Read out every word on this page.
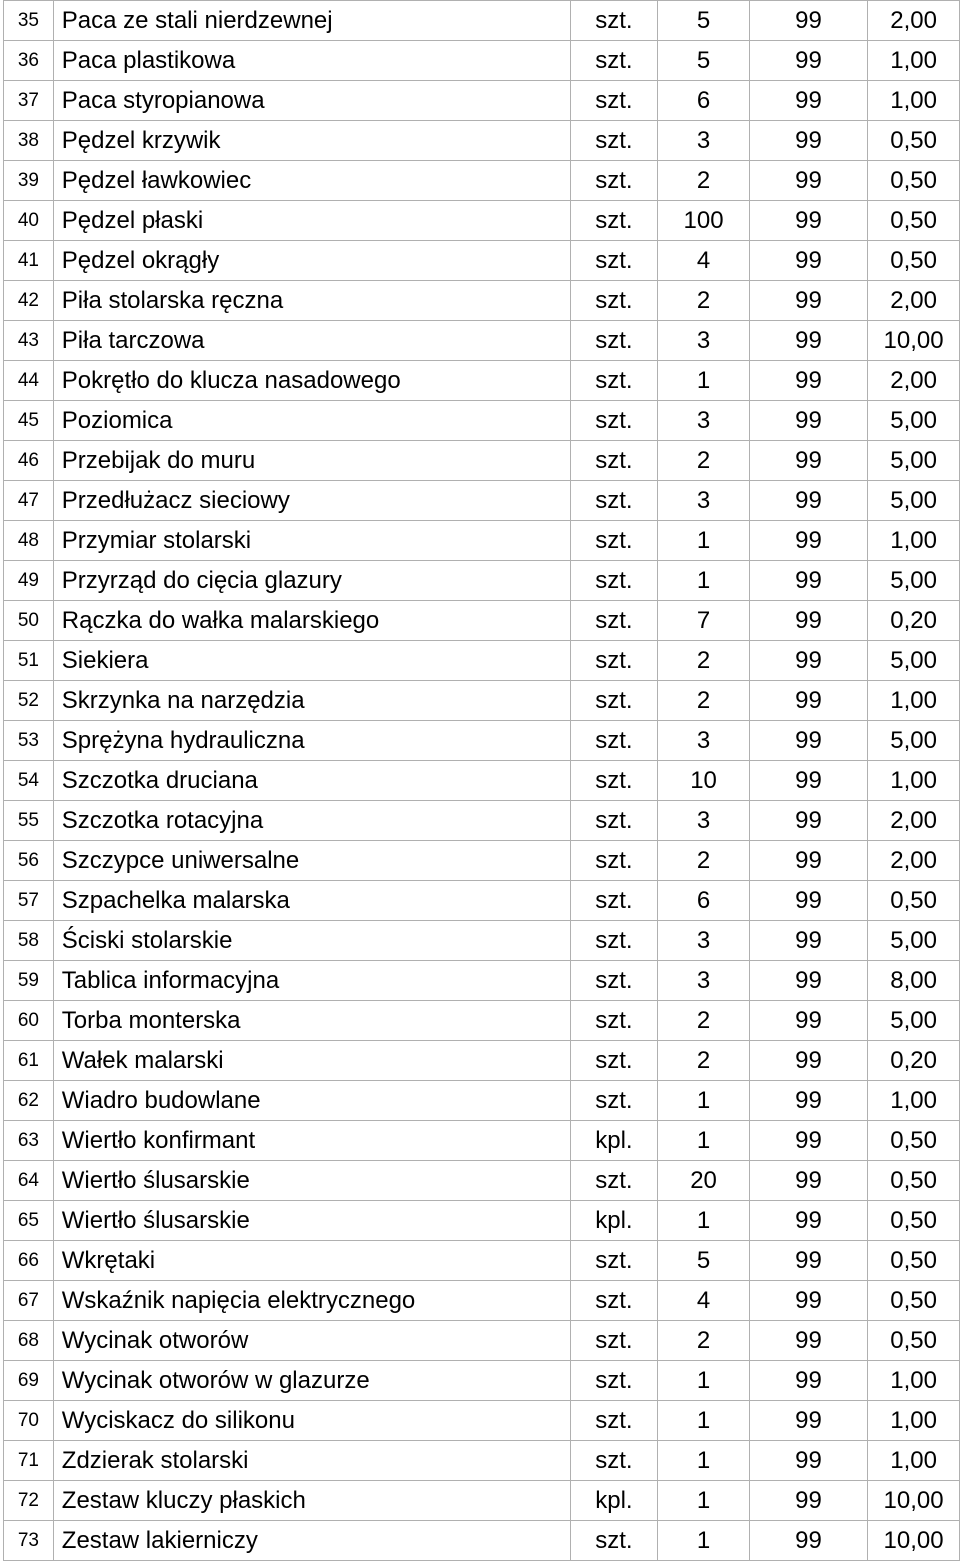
35	Paca ze stali nierdzewnej	szt.	5	99	2,00
36	Paca plastikowa	szt.	5	99	1,00
37	Paca styropianowa	szt.	6	99	1,00
38	Pędzel krzywik	szt.	3	99	0,50
39	Pędzel ławkowiec	szt.	2	99	0,50
40	Pędzel płaski	szt.	100	99	0,50
41	Pędzel okrągły	szt.	4	99	0,50
42	Piła stolarska ręczna	szt.	2	99	2,00
43	Piła tarczowa	szt.	3	99	10,00
44	Pokrętło do klucza nasadowego	szt.	1	99	2,00
45	Poziomica	szt.	3	99	5,00
46	Przebijak do muru	szt.	2	99	5,00
47	Przedłużacz sieciowy	szt.	3	99	5,00
48	Przymiar stolarski	szt.	1	99	1,00
49	Przyrząd do cięcia glazury	szt.	1	99	5,00
50	Rączka do wałka malarskiego	szt.	7	99	0,20
51	Siekiera	szt.	2	99	5,00
52	Skrzynka na narzędzia	szt.	2	99	1,00
53	Sprężyna hydrauliczna	szt.	3	99	5,00
54	Szczotka druciana	szt.	10	99	1,00
55	Szczotka rotacyjna	szt.	3	99	2,00
56	Szczypce uniwersalne	szt.	2	99	2,00
57	Szpachelka malarska	szt.	6	99	0,50
58	Ściski stolarskie	szt.	3	99	5,00
59	Tablica informacyjna	szt.	3	99	8,00
60	Torba monterska	szt.	2	99	5,00
61	Wałek malarski	szt.	2	99	0,20
62	Wiadro budowlane	szt.	1	99	1,00
63	Wiertło konfirmant	kpl.	1	99	0,50
64	Wiertło ślusarskie	szt.	20	99	0,50
65	Wiertło ślusarskie	kpl.	1	99	0,50
66	Wkrętaki	szt.	5	99	0,50
67	Wskaźnik napięcia elektrycznego	szt.	4	99	0,50
68	Wycinak otworów	szt.	2	99	0,50
69	Wycinak otworów w glazurze	szt.	1	99	1,00
70	Wyciskacz do silikonu	szt.	1	99	1,00
71	Zdzierak stolarski	szt.	1	99	1,00
72	Zestaw kluczy płaskich	kpl.	1	99	10,00
73	Zestaw lakierniczy	szt.	1	99	10,00
